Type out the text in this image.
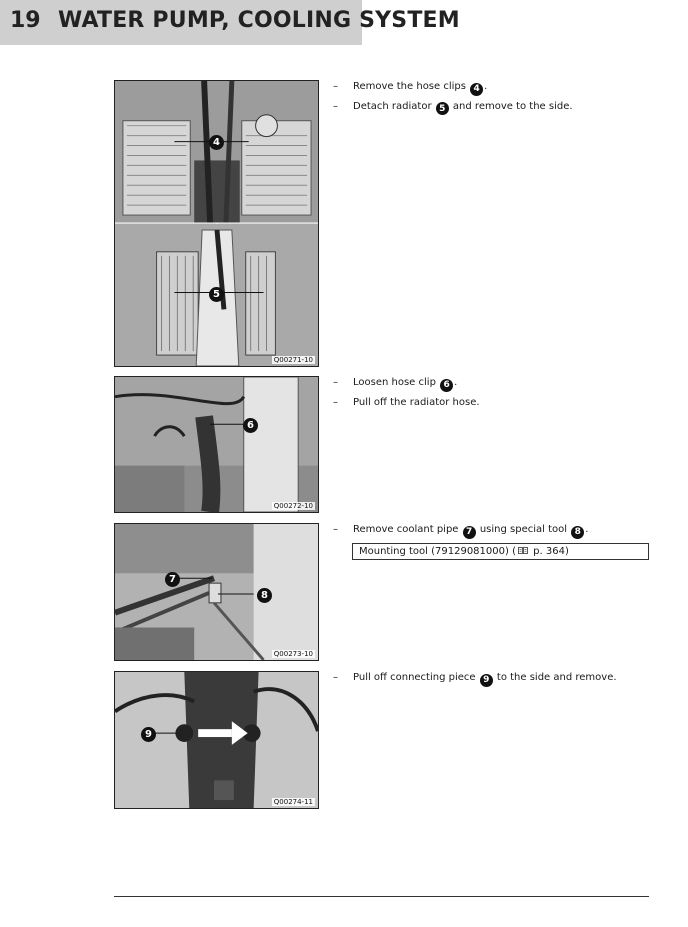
19 WATER PUMP, COOLING SYSTEM
4
5
Q00271-10
6
Q00272-10
7
8
Q00273-10
9
Q00274-11
– Remove the hose clips 4 .
– Detach radiator 5 and remove to the side.
– Loosen hose clip 6 .
– Pull off the radiator hose.
– Remove coolant pipe 7 using special tool 8 .
Mounting tool (79129081000) ( p. 364)
– Pull off connecting piece 9 to the side and remove.
